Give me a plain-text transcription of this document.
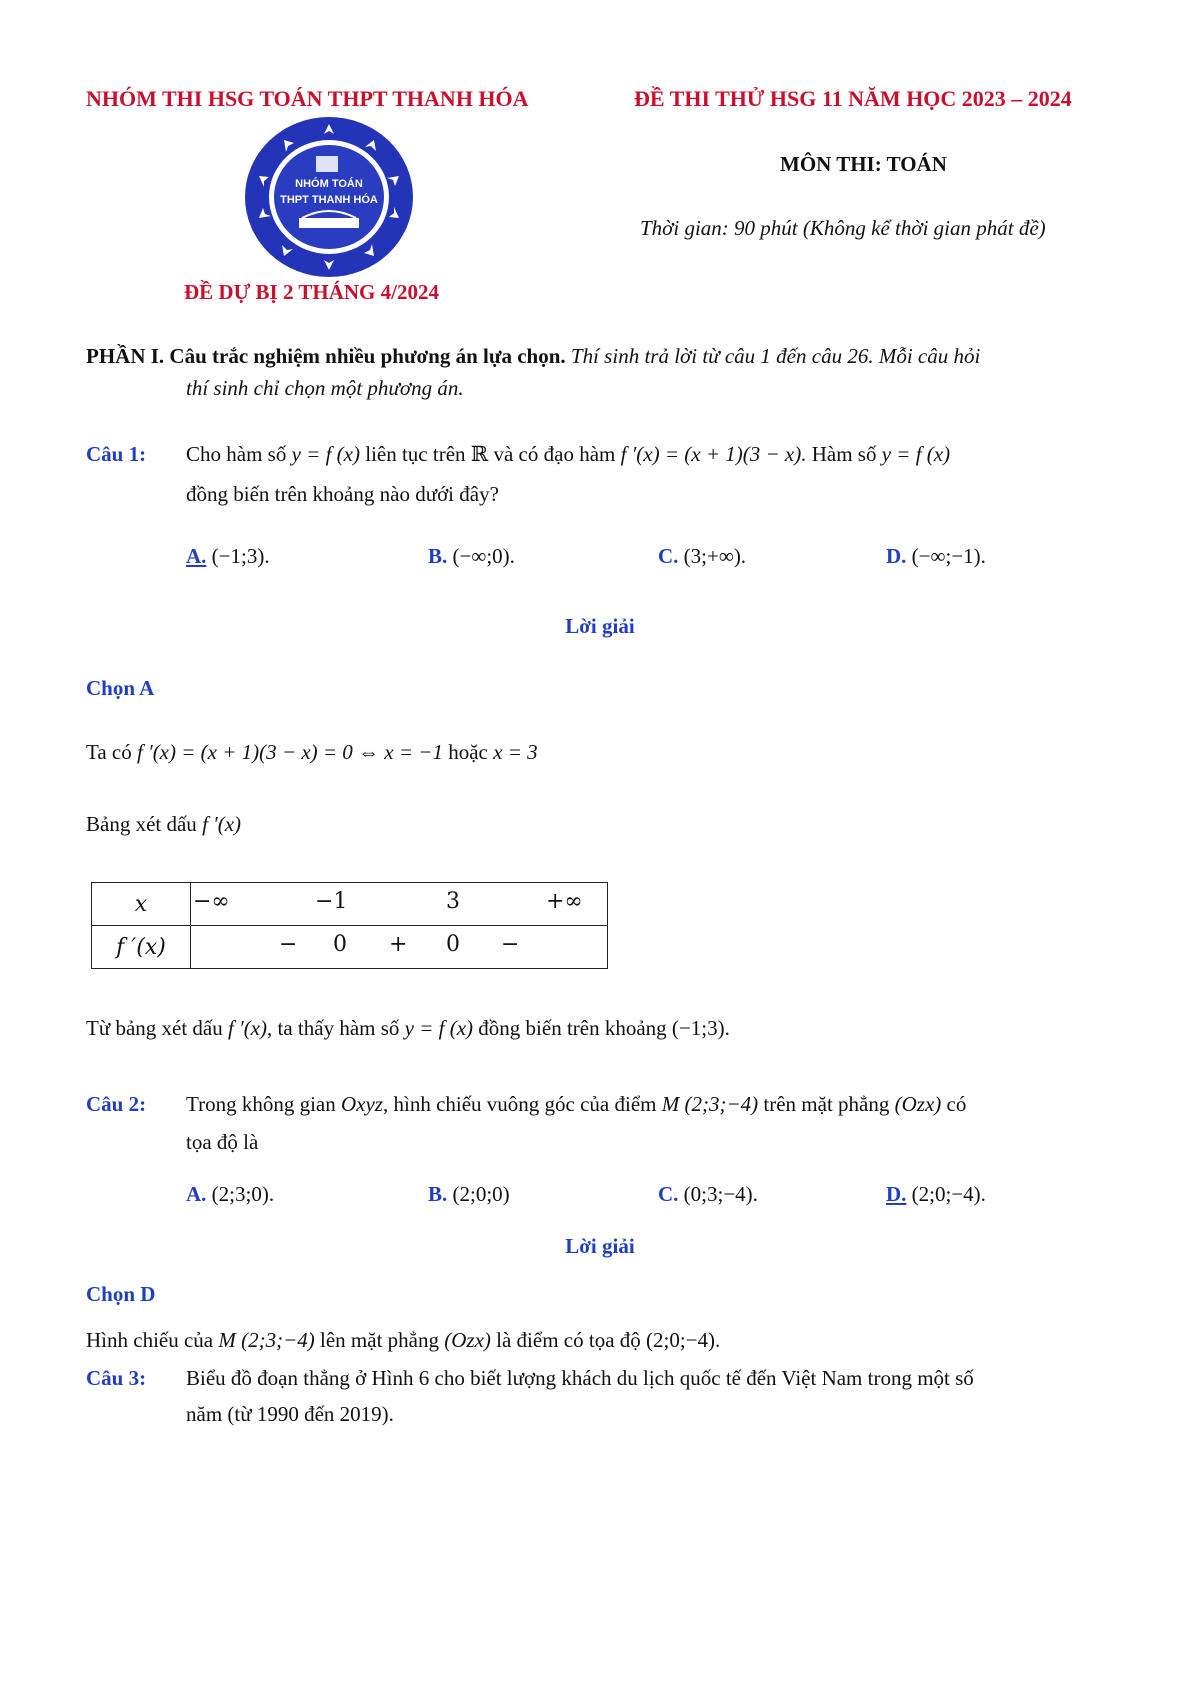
NHÓM THI HSG TOÁN THPT THANH HÓA	ĐỀ THI THỬ HSG 11 NĂM HỌC 2023 – 2024
NHÓM TOÁN
THPT THANH HÓA
MÔN THI: TOÁN
Thời gian: 90 phút (Không kể thời gian phát đề)
ĐỀ DỰ BỊ 2 THÁNG 4/2024
PHẦN I. Câu trắc nghiệm nhiều phương án lựa chọn. Thí sinh trả lời từ câu 1 đến câu 26. Mỗi câu hỏi
thí sinh chỉ chọn một phương án.
Câu 1: Cho hàm số y = f (x) liên tục trên ℝ và có đạo hàm f ′(x) = (x + 1)(3 − x). Hàm số y = f (x)
đồng biến trên khoảng nào dưới đây?
A. (−1;3).	B. (−∞;0).	C. (3;+∞).	D. (−∞;−1).
Lời giải
Chọn A
Ta có f ′(x) = (x + 1)(3 − x) = 0 ⇔ x = −1 hoặc x = 3
Bảng xét dấu f ′(x)
x	−∞ −1 3 +∞

f ′(x)	− 0 + 0 −
Từ bảng xét dấu f ′(x), ta thấy hàm số y = f (x) đồng biến trên khoảng (−1;3).
Câu 2: Trong không gian Oxyz, hình chiếu vuông góc của điểm M (2;3;−4) trên mặt phẳng (Ozx) có
tọa độ là
A. (2;3;0).	B. (2;0;0)	C. (0;3;−4).	D. (2;0;−4).
Lời giải
Chọn D
Hình chiếu của M (2;3;−4) lên mặt phẳng (Ozx) là điểm có tọa độ (2;0;−4).
Câu 3: Biểu đồ đoạn thẳng ở Hình 6 cho biết lượng khách du lịch quốc tế đến Việt Nam trong một số
năm (từ 1990 đến 2019).
